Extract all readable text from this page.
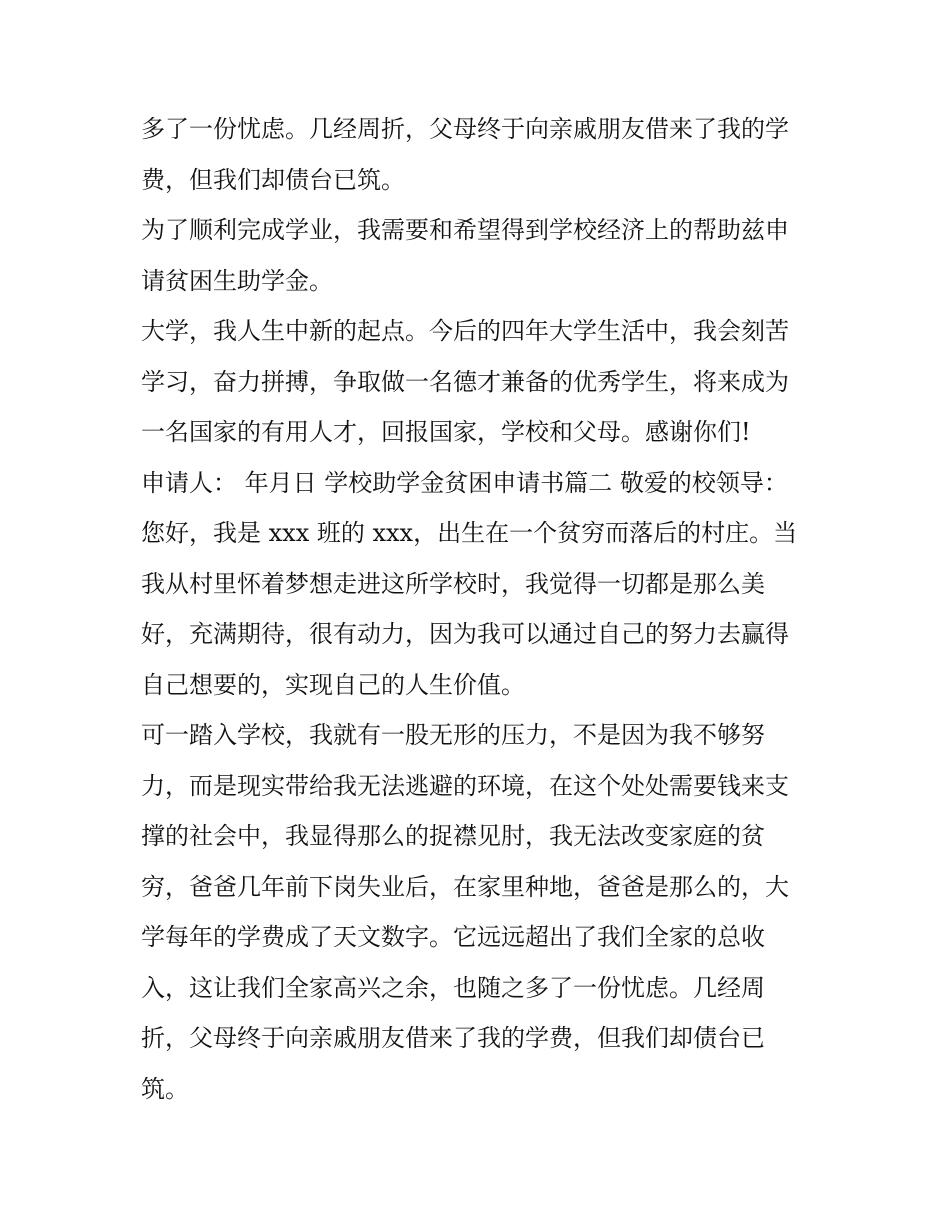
多了一份忧虑。几经周折，父母终于向亲戚朋友借来了我的学
费，但我们却债台已筑。
为了顺利完成学业，我需要和希望得到学校经济上的帮助兹申
请贫困生助学金。
大学，我人生中新的起点。今后的四年大学生活中，我会刻苦
学习，奋力拼搏，争取做一名德才兼备的优秀学生，将来成为
一名国家的有用人才，回报国家，学校和父母。感谢你们!
申请人： 年月日 学校助学金贫困申请书篇二 敬爱的校领导：
您好，我是 xxx 班的 xxx，出生在一个贫穷而落后的村庄。当
我从村里怀着梦想走进这所学校时，我觉得一切都是那么美
好，充满期待，很有动力，因为我可以通过自己的努力去赢得
自己想要的，实现自己的人生价值。
可一踏入学校，我就有一股无形的压力，不是因为我不够努
力，而是现实带给我无法逃避的环境，在这个处处需要钱来支
撑的社会中，我显得那么的捉襟见肘，我无法改变家庭的贫
穷，爸爸几年前下岗失业后，在家里种地，爸爸是那么的，大
学每年的学费成了天文数字。它远远超出了我们全家的总收
入，这让我们全家高兴之余，也随之多了一份忧虑。几经周
折，父母终于向亲戚朋友借来了我的学费，但我们却债台已
筑。
